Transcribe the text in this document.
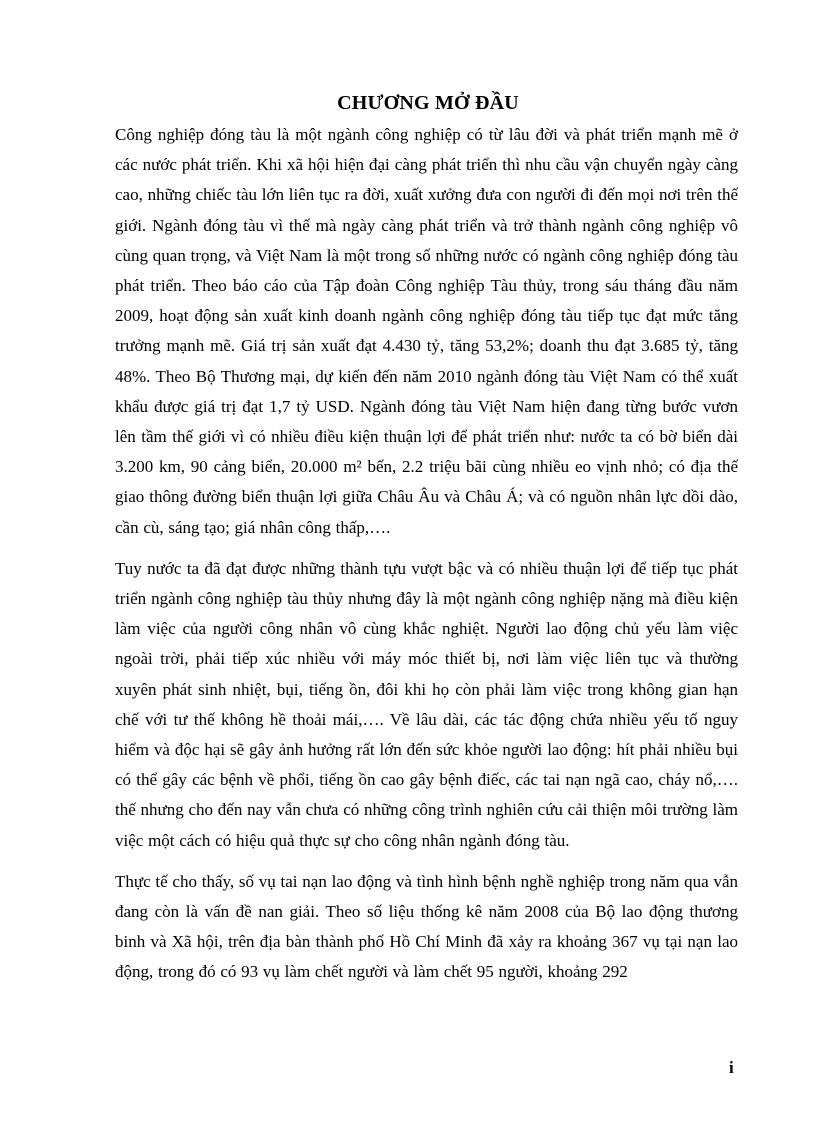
CHƯƠNG MỞ ĐẦU

Công nghiệp đóng tàu là một ngành công nghiệp có từ lâu đời và phát triển mạnh mẽ ở các nước phát triển. Khi xã hội hiện đại càng phát triển thì nhu cầu vận chuyển ngày càng cao, những chiếc tàu lớn liên tục ra đời, xuất xưởng đưa con người đi đến mọi nơi trên thế giới. Ngành đóng tàu vì thế mà ngày càng phát triển và trở thành ngành công nghiệp vô cùng quan trọng, và Việt Nam là một trong số những nước có ngành công nghiệp đóng tàu phát triển. Theo báo cáo của Tập đoàn Công nghiệp Tàu thủy, trong sáu tháng đầu năm 2009, hoạt động sản xuất kinh doanh ngành công nghiệp đóng tàu tiếp tục đạt mức tăng trưởng mạnh mẽ. Giá trị sản xuất đạt 4.430 tỷ, tăng 53,2%; doanh thu đạt 3.685 tỷ, tăng 48%. Theo Bộ Thương mại, dự kiến đến năm 2010 ngành đóng tàu Việt Nam có thể xuất khẩu được giá trị đạt 1,7 tỷ USD. Ngành đóng tàu Việt Nam hiện đang từng bước vươn lên tầm thế giới vì có nhiều điều kiện thuận lợi để phát triển như: nước ta có bờ biển dài 3.200 km, 90 cảng biển, 20.000 m² bến, 2.2 triệu bãi cùng nhiều eo vịnh nhỏ; có địa thế giao thông đường biển thuận lợi giữa Châu Âu và Châu Á; và có nguồn nhân lực dồi dào, cần cù, sáng tạo; giá nhân công thấp,….

Tuy nước ta đã đạt được những thành tựu vượt bậc và có nhiều thuận lợi để tiếp tục phát triển ngành công nghiệp tàu thủy nhưng đây là một ngành công nghiệp nặng mà điều kiện làm việc của người công nhân vô cùng khắc nghiệt. Người lao động chủ yếu làm việc ngoài trời, phải tiếp xúc nhiều với máy móc thiết bị, nơi làm việc liên tục và thường xuyên phát sinh nhiệt, bụi, tiếng ồn, đôi khi họ còn phải làm việc trong không gian hạn chế với tư thế không hề thoải mái,…. Về lâu dài, các tác động chứa nhiều yếu tố nguy hiểm và độc hại sẽ gây ảnh hưởng rất lớn đến sức khỏe người lao động: hít phải nhiều bụi có thể gây các bệnh về phổi, tiếng ồn cao gây bệnh điếc, các tai nạn ngã cao, cháy nổ,…. thế nhưng cho đến nay vẫn chưa có những công trình nghiên cứu cải thiện môi trường làm việc một cách có hiệu quả thực sự cho công nhân ngành đóng tàu.

Thực tế cho thấy, số vụ tai nạn lao động và tình hình bệnh nghề nghiệp trong năm qua vẫn đang còn là vấn đề nan giải. Theo số liệu thống kê năm 2008 của Bộ lao động thương binh và Xã hội, trên địa bàn thành phố Hồ Chí Minh đã xảy ra khoảng 367 vụ tại nạn lao động, trong đó có 93 vụ làm chết người và làm chết 95 người, khoảng 292

i
